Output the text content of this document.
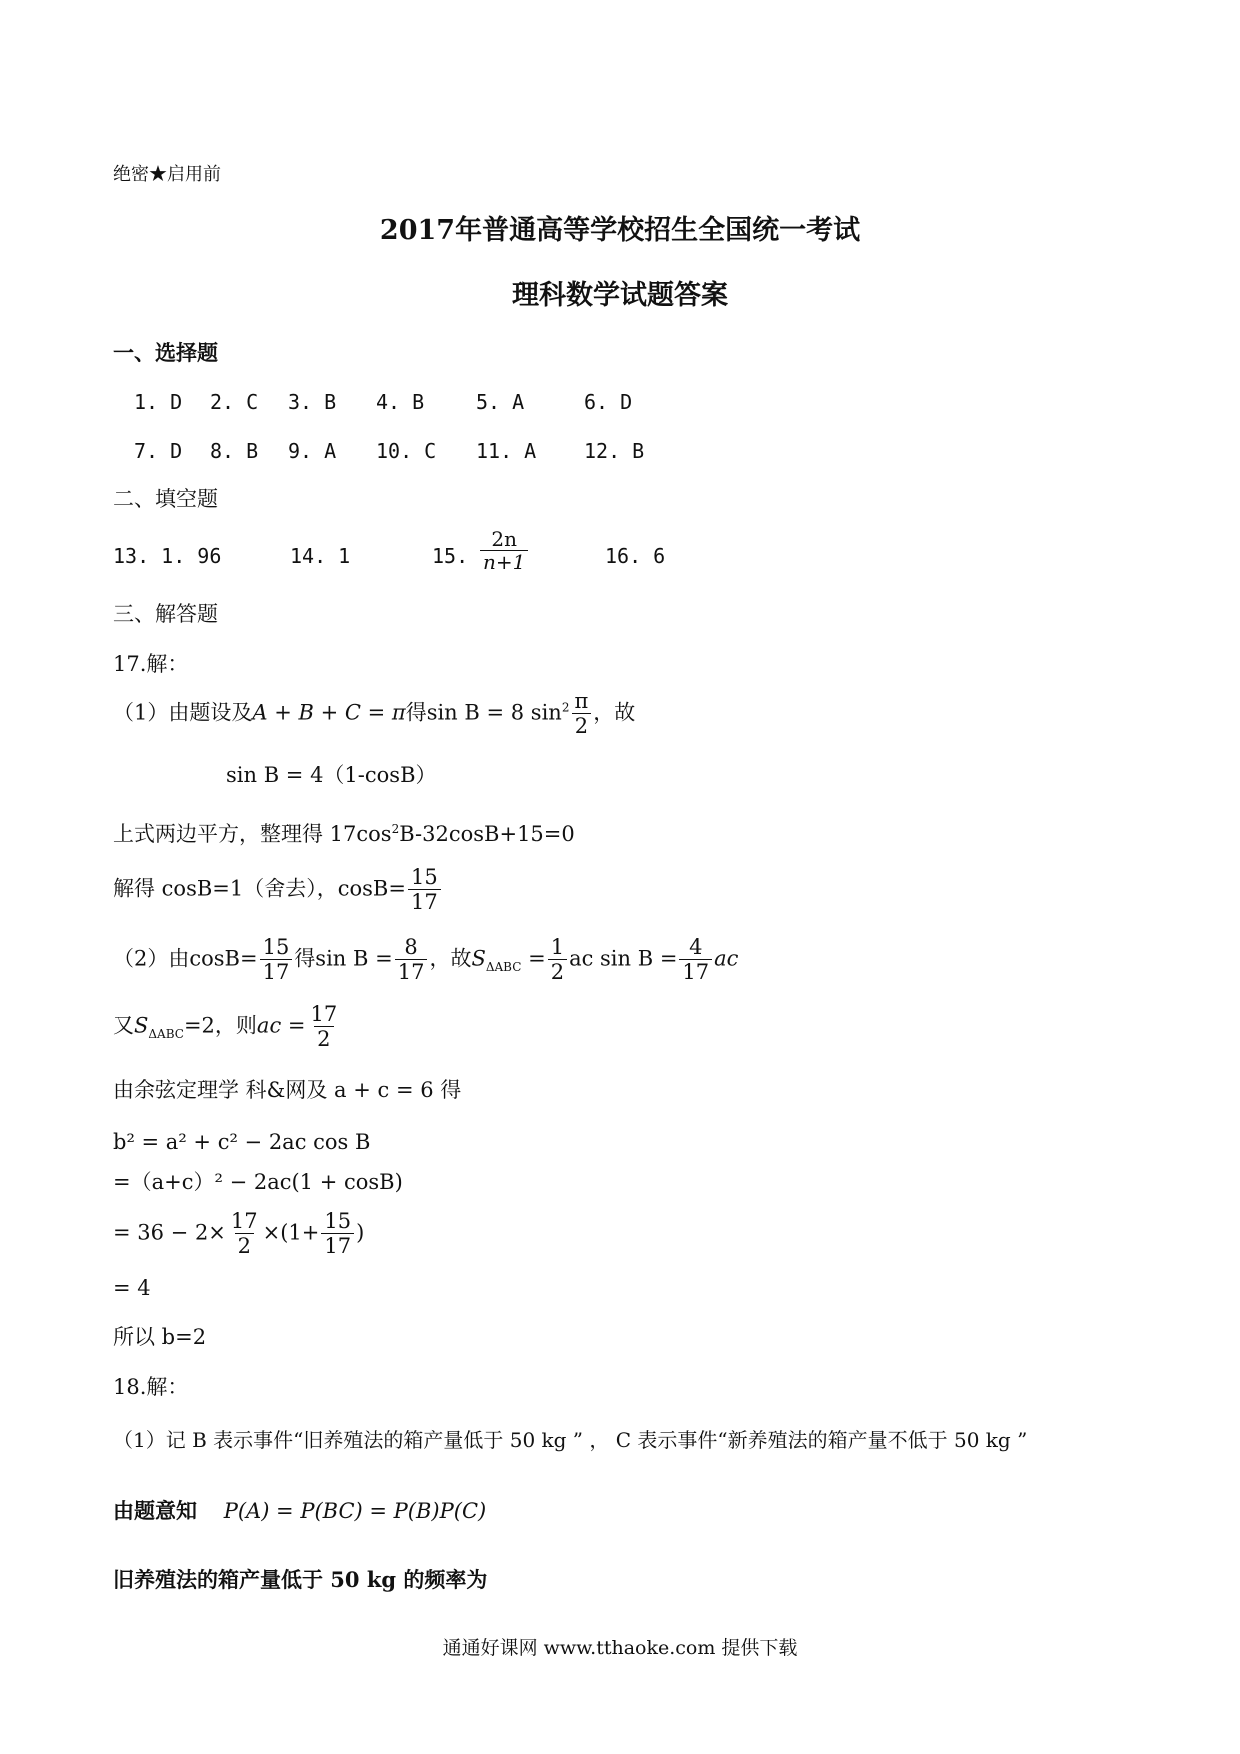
绝密★启用前
2017年普通高等学校招生全国统一考试
理科数学试题答案
一、选择题
1. D 2. C 3. B 4. B	5. A	6. D
7. D 8. B 9. A 10. C 11. A 12. B
二、填空题
13. 1. 96	14. 1	15. $\frac{2n}{n+1}$	16. 6
三、解答题
17.解：
（1）由题设及A + B + C = π得sin B = 8 $\sin^2 \frac{\pi}{2}$ ，故
sin B = 4（1-cosB）
上式两边平方，整理得 $17\cos^2B-32\cos B+15=0$
解得 cosB=1（舍去），$\cos B= \frac{15}{17}$
（2）由$\cos B= \frac{15}{17}$ 得$\sin B = \frac{8}{17}$ ，故$S_{\Delta ABC} = \frac{1}{2}$ ac $\sin B = \frac{4}{17}$ ac
又$S_{\Delta ABC}=2$，则ac = $\frac{17}{2}$
由余弦定理学 科&网及 a + c = 6 得
b² = a² + c² − 2ac cos B
=（a+c）² − 2ac(1 + cosB)
= $36 - 2\times \frac{17}{2} \times(1+ \frac{15}{17}$ )
= 4
所以 b=2
18.解：
（1）记 B 表示事件“旧养殖法的箱产量低于 50 kg ” ， C 表示事件“新养殖法的箱产量不低于 50 kg ”
由题意知 P(A) = P(BC) = P(B)P(C)
旧养殖法的箱产量低于 50 kg 的频率为
通通好课网 www.tthaoke.com 提供下载
